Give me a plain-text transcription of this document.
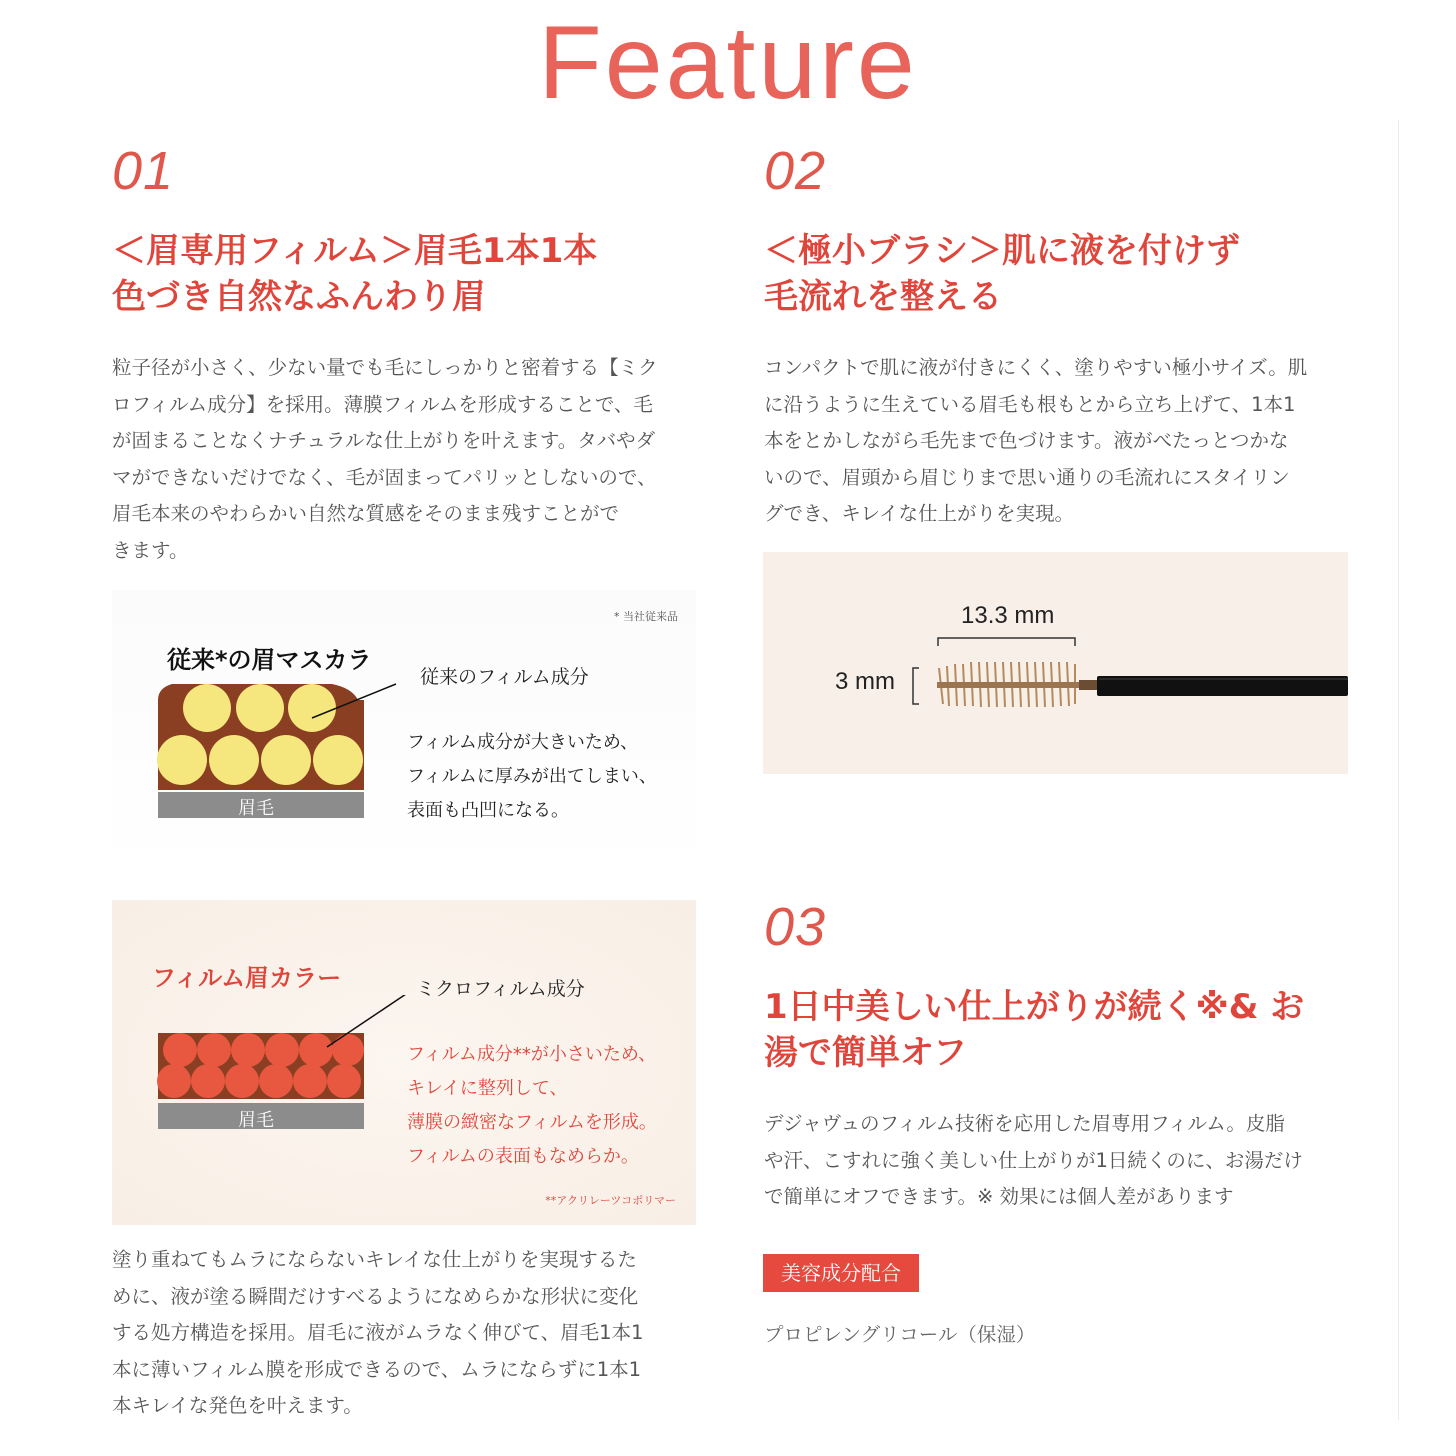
Feature

01

＜眉専用フィルム＞眉毛1本1本
色づき自然なふんわり眉

粒子径が小さく、少ない量でも毛にしっかりと密着する【ミク
ロフィルム成分】を採用。薄膜フィルムを形成することで、毛
が固まることなくナチュラルな仕上がりを叶えます。タバやダ
マができないだけでなく、毛が固まってパリッとしないので、
眉毛本来のやわらかい自然な質感をそのまま残すことがで
きます。

* 当社従来品
従来*の眉マスカラ
従来のフィルム成分
眉毛
フィルム成分が大きいため、
フィルムに厚みが出てしまい、
表面も凸凹になる。
フィルム眉カラー	ミクロフィルム成分
眉毛
フィルム成分**が小さいため、
キレイに整列して、
薄膜の緻密なフィルムを形成。
フィルムの表面もなめらか。
**アクリレーツコポリマー

塗り重ねてもムラにならないキレイな仕上がりを実現するた
めに、液が塗る瞬間だけすべるようになめらかな形状に変化
する処方構造を採用。眉毛に液がムラなく伸びて、眉毛1本1
本に薄いフィルム膜を形成できるので、ムラにならずに1本1
本キレイな発色を叶えます。

02

＜極小ブラシ＞肌に液を付けず
毛流れを整える

コンパクトで肌に液が付きにくく、塗りやすい極小サイズ。肌
に沿うように生えている眉毛も根もとから立ち上げて、1本1
本をとかしながら毛先まで色づけます。液がべたっとつかな
いので、眉頭から眉じりまで思い通りの毛流れにスタイリン
グでき、キレイな仕上がりを実現。

13.3 mm
3 mm

03

1日中美しい仕上がりが続く※& お
湯で簡単オフ

デジャヴュのフィルム技術を応用した眉専用フィルム。皮脂
や汗、こすれに強く美しい仕上がりが1日続くのに、お湯だけ
で簡単にオフできます。※ 効果には個人差があります

美容成分配合

プロピレングリコール（保湿）
